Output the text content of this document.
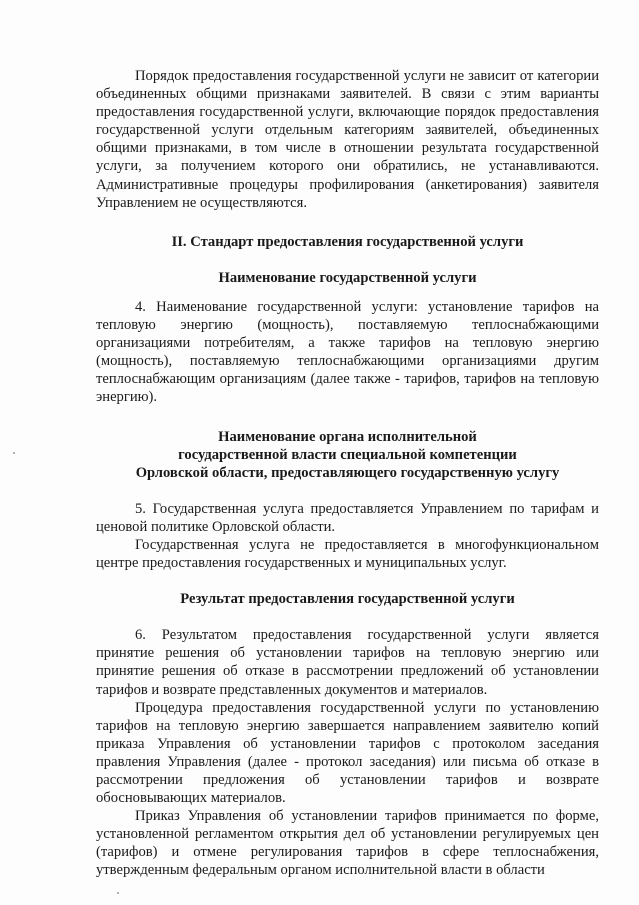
Порядок предоставления государственной услуги не зависит от категории объединенных общими признаками заявителей. В связи с этим варианты предоставления государственной услуги, включающие порядок предоставления государственной услуги отдельным категориям заявителей, объединенных общими признаками, в том числе в отношении результата государственной услуги, за получением которого они обратились, не устанавливаются. Административные процедуры профилирования (анкетирования) заявителя Управлением не осуществляются.

II. Стандарт предоставления государственной услуги
Наименование государственной услуги

4. Наименование государственной услуги: установление тарифов на тепловую энергию (мощность), поставляемую теплоснабжающими организациями потребителям, а также тарифов на тепловую энергию (мощность), поставляемую теплоснабжающими организациями другим теплоснабжающим организациям (далее также - тарифов, тарифов на тепловую энергию).

Наименование органа исполнительной
государственной власти специальной компетенции
Орловской области, предоставляющего государственную услугу

5. Государственная услуга предоставляется Управлением по тарифам и ценовой политике Орловской области.

Государственная услуга не предоставляется в многофункциональном центре предоставления государственных и муниципальных услуг.

Результат предоставления государственной услуги

6. Результатом предоставления государственной услуги является принятие решения об установлении тарифов на тепловую энергию или принятие решения об отказе в рассмотрении предложений об установлении тарифов и возврате представленных документов и материалов.

Процедура предоставления государственной услуги по установлению тарифов на тепловую энергию завершается направлением заявителю копий приказа Управления об установлении тарифов с протоколом заседания правления Управления (далее - протокол заседания) или письма об отказе в рассмотрении предложения об установлении тарифов и возврате обосновывающих материалов.

Приказ Управления об установлении тарифов принимается по форме, установленной регламентом открытия дел об установлении регулируемых цен (тарифов) и отмене регулирования тарифов в сфере теплоснабжения, утвержденным федеральным органом исполнительной власти в области
